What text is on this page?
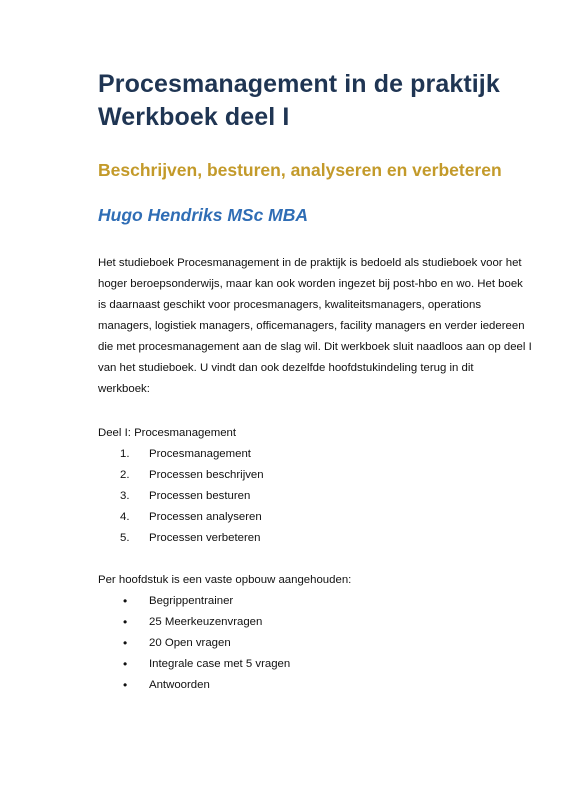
Procesmanagement in de praktijk
Werkboek deel I
Beschrijven, besturen, analyseren en verbeteren
Hugo Hendriks MSc MBA
Het studieboek Procesmanagement in de praktijk is bedoeld als studieboek voor het
hoger beroepsonderwijs, maar kan ook worden ingezet bij post-hbo en wo. Het boek
is daarnaast geschikt voor procesmanagers, kwaliteitsmanagers, operations
managers, logistiek managers, officemanagers, facility managers en verder iedereen
die met procesmanagement aan de slag wil. Dit werkboek sluit naadloos aan op deel I
van het studieboek. U vindt dan ook dezelfde hoofdstukindeling terug in dit
werkboek:
Deel I: Procesmanagement
1.	Procesmanagement
2.	Processen beschrijven
3.	Processen besturen
4.	Processen analyseren
5.	Processen verbeteren
Per hoofdstuk is een vaste opbouw aangehouden:
• Begrippentrainer
• 25 Meerkeuzenvragen
• 20 Open vragen
• Integrale case met 5 vragen
• Antwoorden
